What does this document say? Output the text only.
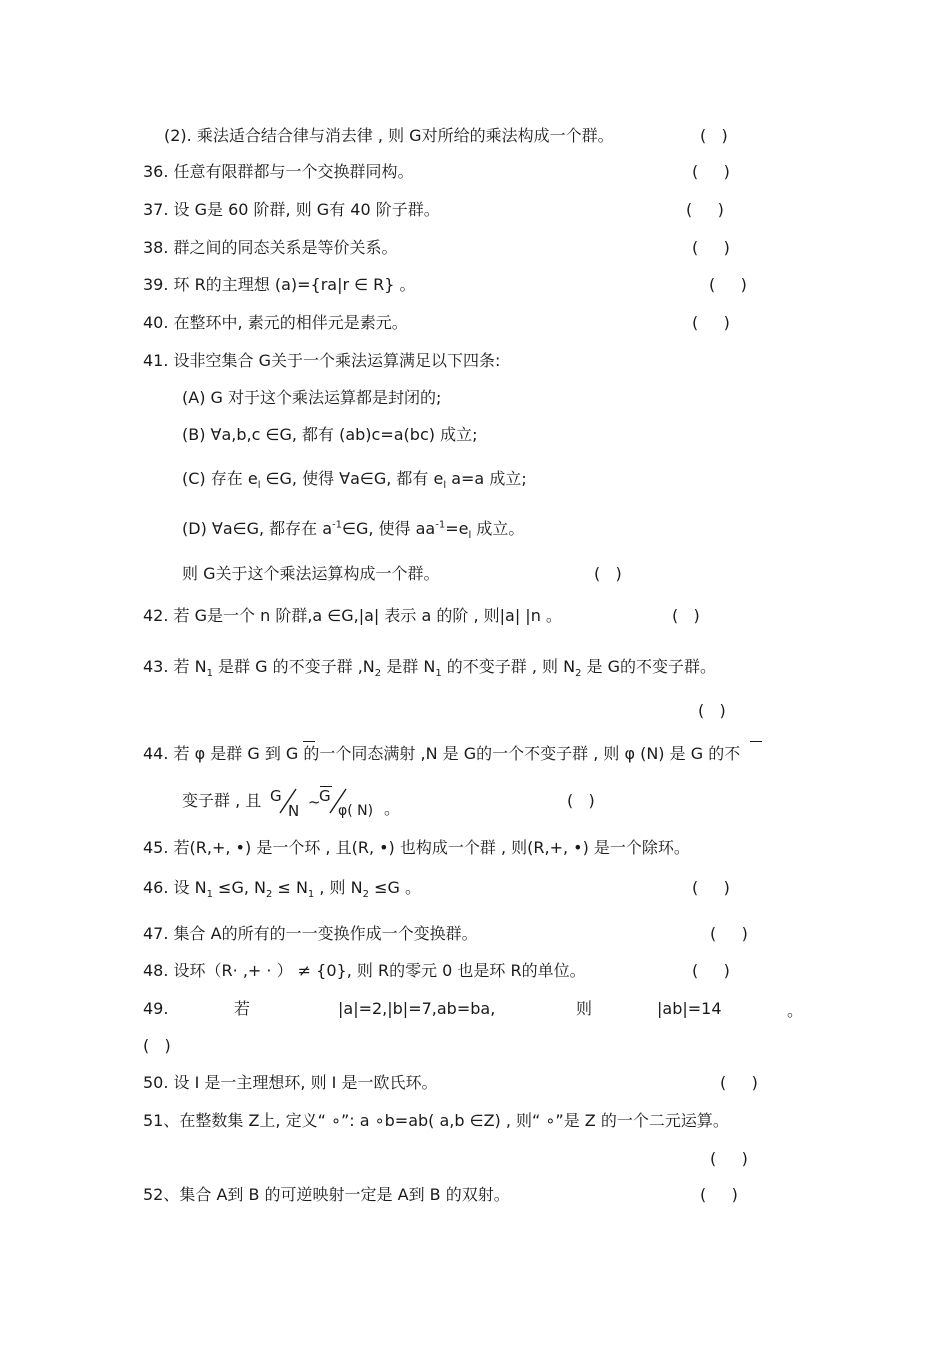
(2). 乘法适合结合律与消去律 , 则 G对所给的乘法构成一个群。	(   )
36. 任意有限群都与一个交换群同构。	(     )
37. 设 G是 60 阶群, 则 G有 40 阶子群。	(     )
38. 群之间的同态关系是等价关系。	(     )
39. 环 R的主理想 (a)={ra|r ∈ R} 。	(     )
40. 在整环中, 素元的相伴元是素元。	(     )
41. 设非空集合 G关于一个乘法运算满足以下四条:
(A) G 对于这个乘法运算都是封闭的;
(B) ∀a,b,c ∈G, 都有 (ab)c=a(bc) 成立;
(C) 存在 $e_l$ ∈G, 使得 ∀a∈G, 都有 $e_l$ a=a 成立;
(D) ∀a∈G, 都存在 $a^{-1}\in G$, 使得 $aa^{-1}=e_l$ 成立。
则 G关于这个乘法运算构成一个群。	(   )
42. 若 G是一个 n 阶群,a ∈G,|a| 表示 a 的阶 , 则|a| |n 。	(   )
43. 若 $N_1$ 是群 G 的不变子群 $,N_2$ 是群 $N_1$ 的不变子群 , 则 $N_2$ 是 G的不变子群。
(   )
44. 若 φ 是群 G 到 G 的一个同态满射 ,N 是 G的一个不变子群 , 则 φ (N) 是 G 的不
变子群 , 且 G
N ~
G
φ( N) 。	(   )
45. 若(R,+, •) 是一个环 , 且(R, •) 也构成一个群 , 则(R,+, •) 是一个除环。
46. 设 $N_1 \le G$, $N_2 \le N_1$ , 则 $N_2 \le G$ 。	(     )
47. 集合 A的所有的一一变换作成一个变换群。	(     )
48. 设环（R· ,+ · ） ≠ {0}, 则 R的零元 0 也是环 R的单位。	(     )
49.	若	|a|=2,|b|=7,ab=ba,	则	|ab|=14	。
(   )
50. 设 I 是一主理想环, 则 I 是一欧氏环。	(     )
51、在整数集 Z上, 定义“ ∘”: a ∘b=ab( a,b ∈Z) , 则“ ∘”是 Z 的一个二元运算。
(     )
52、集合 A到 B 的可逆映射一定是 A到 B 的双射。	(     )
